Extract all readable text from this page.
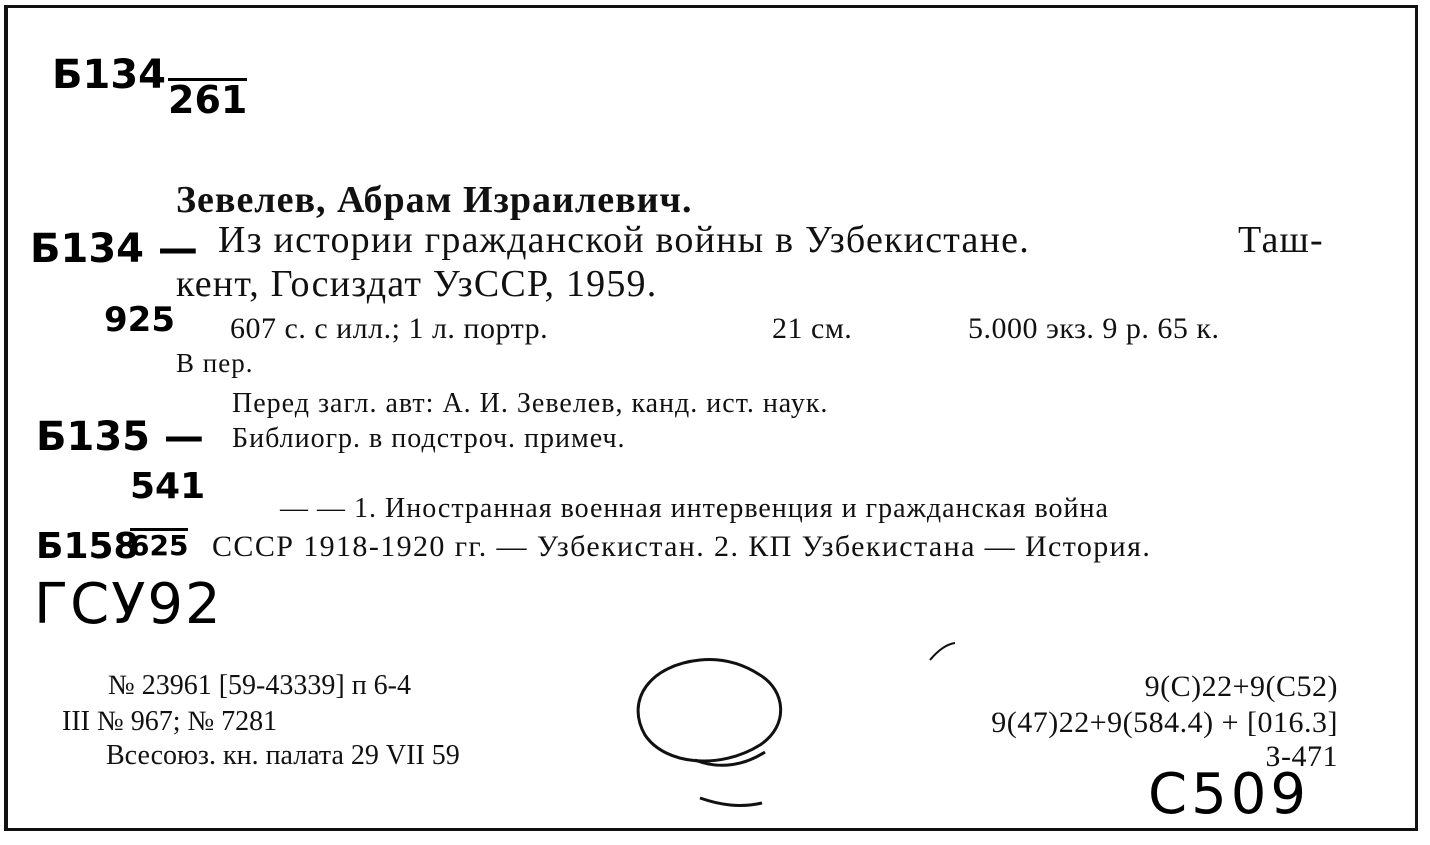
Зевелев, Абрам Израилевич.
Из истории гражданской войны в Узбекистане.	Таш-
кент, Госиздат УзССР, 1959.
607 с. с илл.; 1 л. портр.	21 см.	5.000 экз. 9 р. 65 к.
В пер.
Перед загл. авт: А. И. Зевелев, канд. ист. наук.
Библиогр. в подстроч. примеч.
— — 1. Иностранная военная интервенция и гражданская война
СССР 1918-1920 гг. — Узбекистан. 2. КП Узбекистана — История.
№ 23961 [59-43339] п 6-4
III № 967; № 7281
Всесоюз. кн. палата 29 VII 59
9(С)22+9(С52)
9(47)22+9(584.4) + [016.3]
З-471
Б134
261
Б134 —
925
Б135 —
541
Б158
625
ГСУ92
С509
